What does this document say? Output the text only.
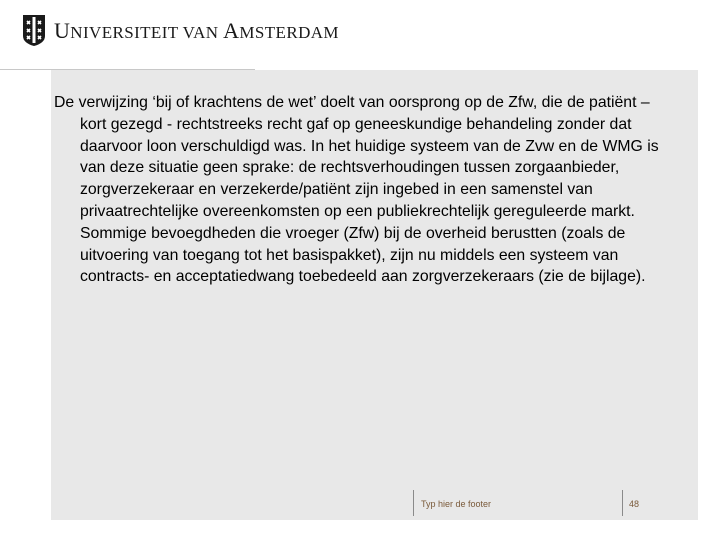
UNIVERSITEIT VAN AMSTERDAM
De verwijzing ‘bij of krachtens de wet’ doelt van oorsprong op de Zfw, die de patiënt – kort gezegd - rechtstreeks recht gaf op geneeskundige behandeling zonder dat daarvoor loon verschuldigd was. In het huidige systeem van de Zvw en de WMG is van deze situatie geen sprake: de rechtsverhoudingen tussen zorgaanbieder, zorgverzekeraar en verzekerde/patiënt zijn ingebed in een samenstel van privaatrechtelijke overeenkomsten op een publiekrechtelijk gereguleerde markt. Sommige bevoegdheden die vroeger (Zfw) bij de overheid berustten (zoals de uitvoering van toegang tot het basispakket), zijn nu middels een systeem van contracts- en acceptatiedwang toebedeeld aan zorgverzekeraars (zie de bijlage).
Typ hier de footer	48
